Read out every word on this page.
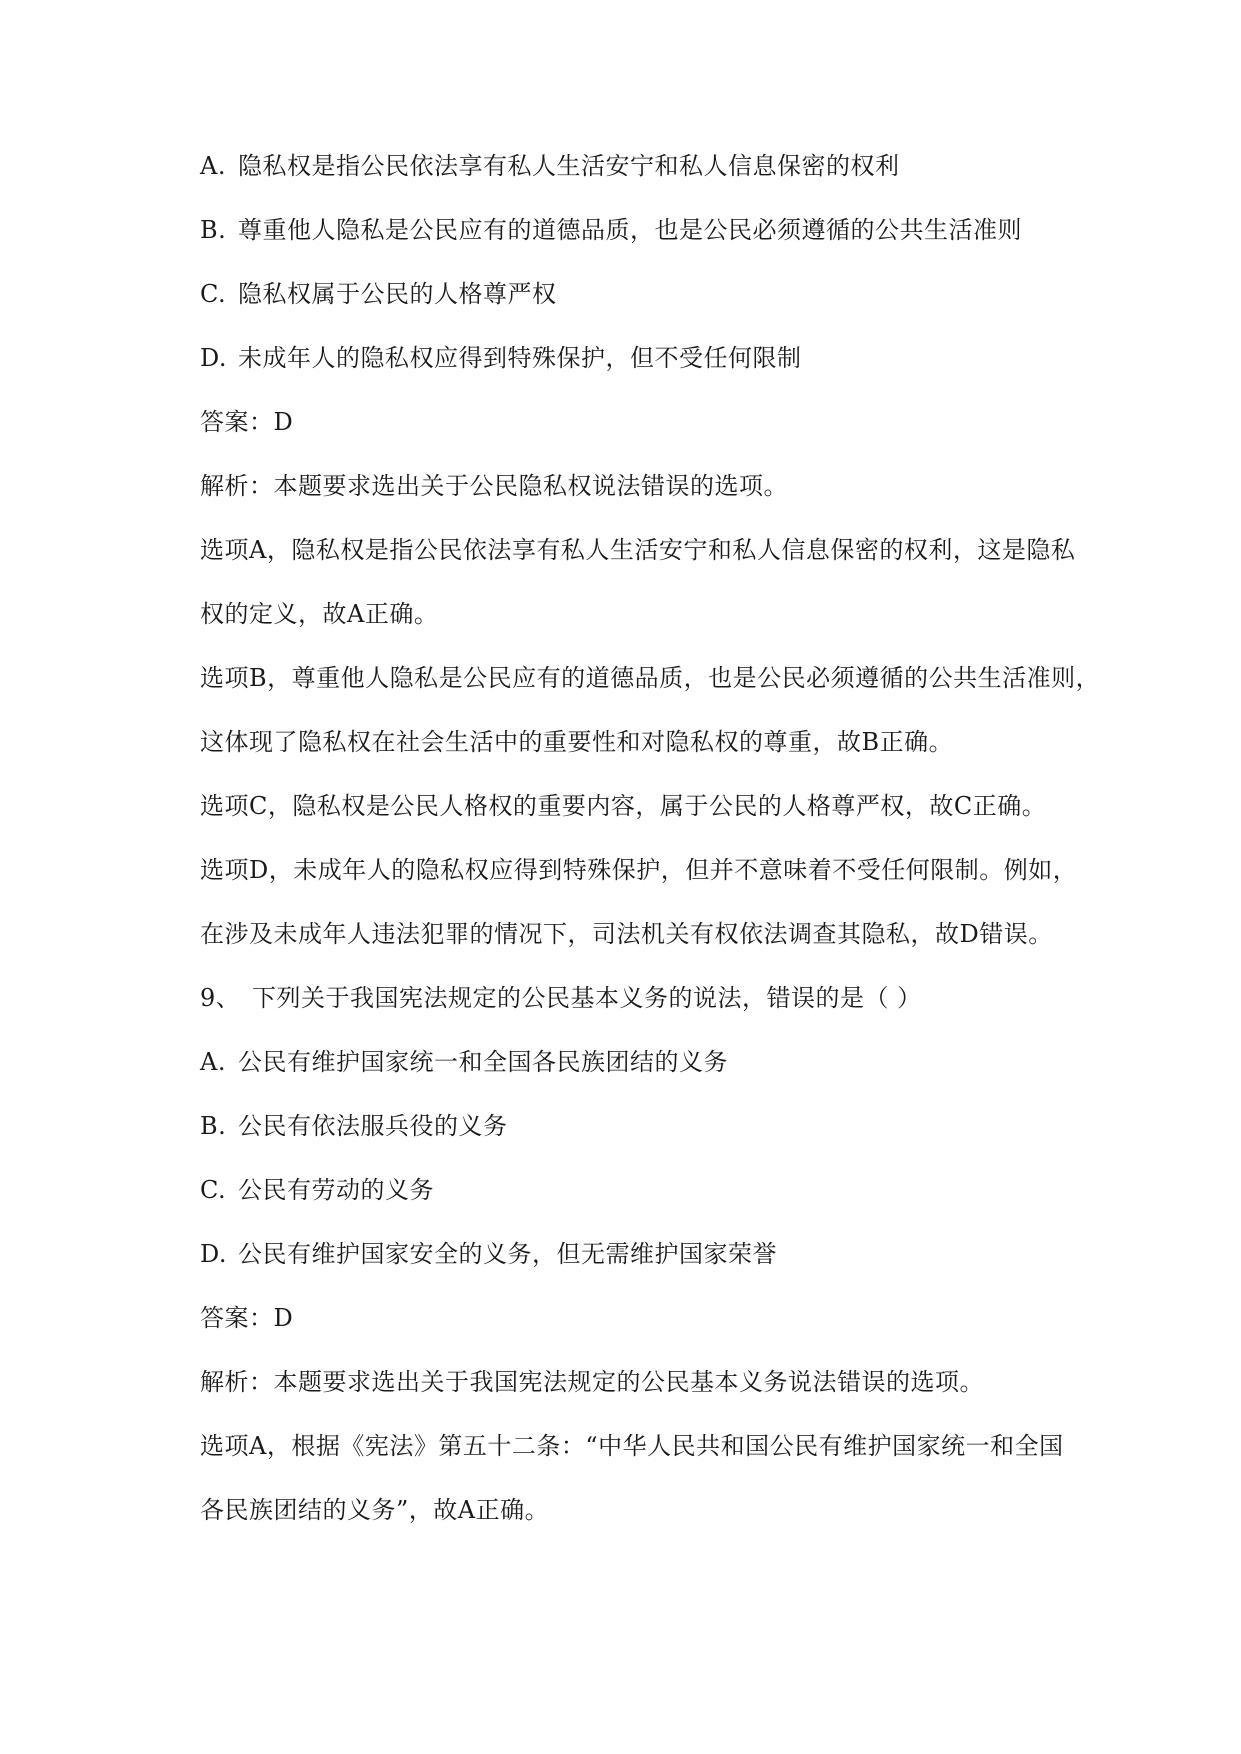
A. 隐私权是指公民依法享有私人生活安宁和私人信息保密的权利
B. 尊重他人隐私是公民应有的道德品质，也是公民必须遵循的公共生活准则
C. 隐私权属于公民的人格尊严权
D. 未成年人的隐私权应得到特殊保护，但不受任何限制
答案：D
解析：本题要求选出关于公民隐私权说法错误的选项。
选项A，隐私权是指公民依法享有私人生活安宁和私人信息保密的权利，这是隐私
权的定义，故A正确。
选项B，尊重他人隐私是公民应有的道德品质，也是公民必须遵循的公共生活准则，
这体现了隐私权在社会生活中的重要性和对隐私权的尊重，故B正确。
选项C，隐私权是公民人格权的重要内容，属于公民的人格尊严权，故C正确。
选项D，未成年人的隐私权应得到特殊保护，但并不意味着不受任何限制。例如，
在涉及未成年人违法犯罪的情况下，司法机关有权依法调查其隐私，故D错误。
9、 下列关于我国宪法规定的公民基本义务的说法，错误的是（ ）
A. 公民有维护国家统一和全国各民族团结的义务
B. 公民有依法服兵役的义务
C. 公民有劳动的义务
D. 公民有维护国家安全的义务，但无需维护国家荣誉
答案：D
解析：本题要求选出关于我国宪法规定的公民基本义务说法错误的选项。
选项A，根据《宪法》第五十二条：“中华人民共和国公民有维护国家统一和全国
各民族团结的义务”，故A正确。
